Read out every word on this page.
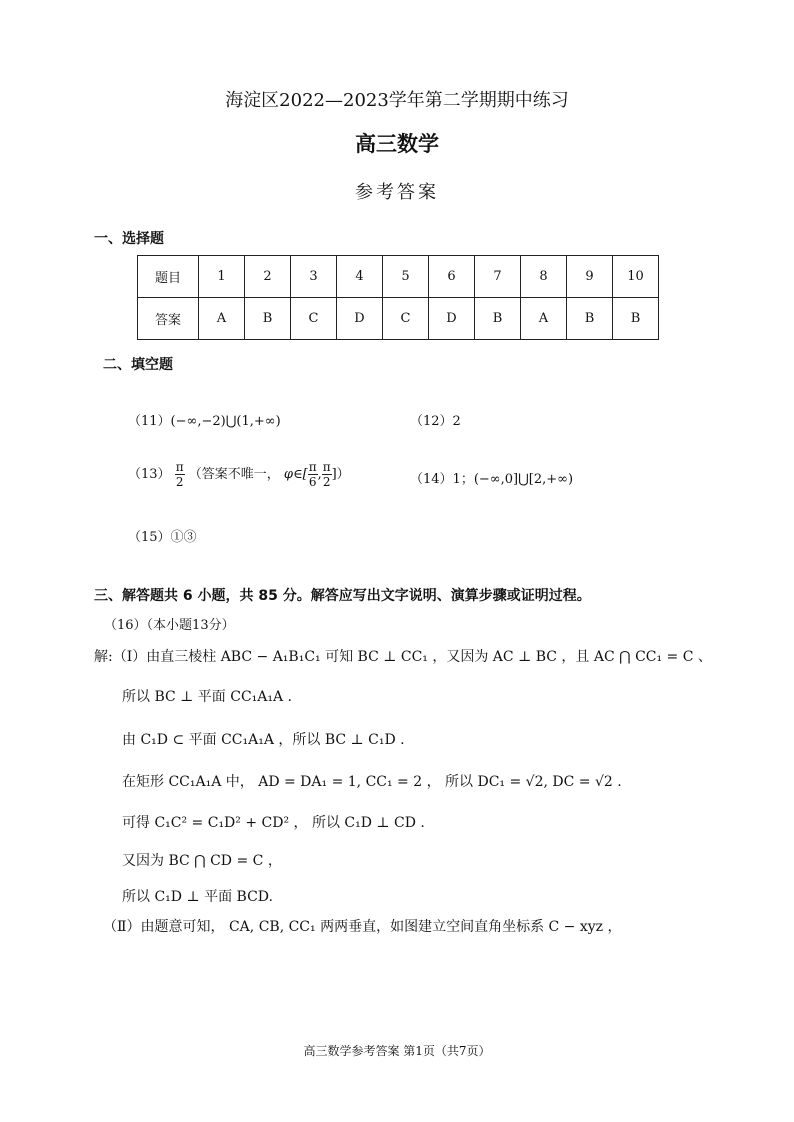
海淀区2022—2023学年第二学期期中练习
高三数学
参考答案
一、选择题
题目	1	2	3	4	5	6	7	8	9	10
答案	A	B	C	D	C	D	B	A	B	B
二、填空题
（11）(−∞,−2)⋃(1,+∞)	（12）2
$(13) \frac{\pi}{2}$ （答案不唯一， φ∈[ $\frac{\pi}{6}$ , $\frac{\pi}{2}$ ]）	（14）1；(−∞,0]⋃[2,+∞)
（15）①③
三、解答题共 6 小题，共 85 分。解答应写出文字说明、演算步骤或证明过程。
（16）（本小题13分）
解:（Ⅰ）由直三棱柱 ABC − A₁B₁C₁ 可知 BC ⊥ CC₁ ，又因为 AC ⊥ BC ，且 AC ⋂ CC₁ = C 、
所以 BC ⊥ 平面 CC₁A₁A .
由 C₁D ⊂ 平面 CC₁A₁A ，所以 BC ⊥ C₁D .
在矩形 CC₁A₁A 中， AD = DA₁ = 1, CC₁ = 2 ， 所以 DC₁ = √2, DC = √2 .
可得 C₁C² = C₁D² + CD² ， 所以 C₁D ⊥ CD .
又因为 BC ⋂ CD = C ，
所以 C₁D ⊥ 平面 BCD.
（Ⅱ）由题意可知， CA, CB, CC₁ 两两垂直，如图建立空间直角坐标系 C − xyz ，
高三数学参考答案 第1页（共7页）
